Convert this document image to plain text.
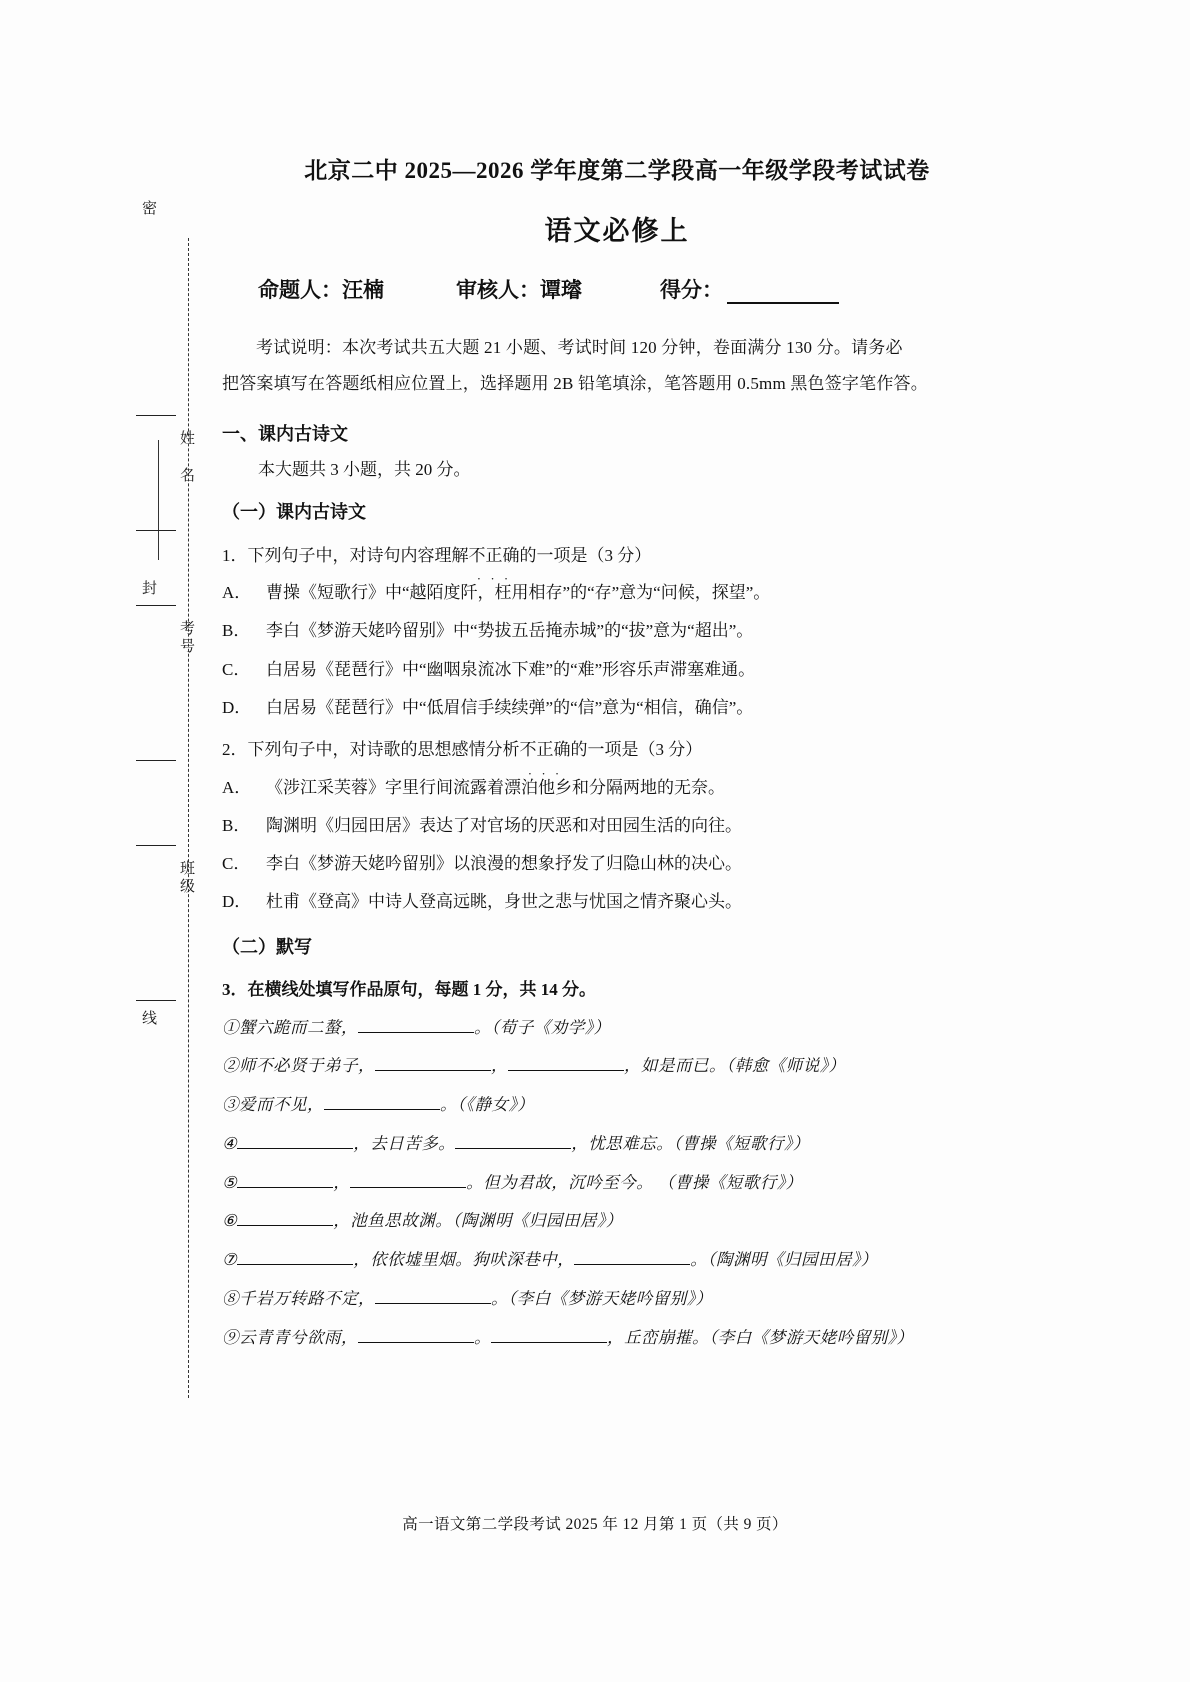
密
封
线
姓 名
考号
班级
北京二中 2025—2026 学年度第二学段高一年级学段考试试卷
语文必修上
命题人：汪楠	审核人：谭璿	得分：
考试说明：本次考试共五大题 21 小题、考试时间 120 分钟，卷面满分 130 分。请务必
把答案填写在答题纸相应位置上，选择题用 2B 铅笔填涂，笔答题用 0.5mm 黑色签字笔作答。
一、课内古诗文
本大题共 3 小题，共 20 分。
（一）课内古诗文
1．下列句子中，对诗句内容理解不正确 · · ·的一项是（3 分）
A． 曹操《短歌行》中“越陌度阡，枉用相存”的“存”意为“问候，探望”。
B． 李白《梦游天姥吟留别》中“势拔五岳掩赤城”的“拔”意为“超出”。
C． 白居易《琵琶行》中“幽咽泉流冰下难”的“难”形容乐声滞塞难通。
D． 白居易《琵琶行》中“低眉信手续续弹”的“信”意为“相信，确信”。
2．下列句子中，对诗歌的思想感情分析不正确 · · ·的一项是（3 分）
A． 《涉江采芙蓉》字里行间流露着漂泊他乡和分隔两地的无奈。
B． 陶渊明《归园田居》表达了对官场的厌恶和对田园生活的向往。
C． 李白《梦游天姥吟留别》以浪漫的想象抒发了归隐山林的决心。
D． 杜甫《登高》中诗人登高远眺，身世之悲与忧国之情齐聚心头。
（二）默写
3．在横线处填写作品原句，每题 1 分，共 14 分。
①蟹六跪而二螯，	。（荀子《劝学》）
②师不必贤于弟子，	，	，如是而已。（韩愈《师说》）
③爱而不见，	。（《静女》）
④	，去日苦多。	，忧思难忘。（曹操《短歌行》）
⑤	，	。但为君故，沉吟至今。 （曹操《短歌行》）
⑥	，池鱼思故渊。（陶渊明《归园田居》）
⑦	，依依墟里烟。狗吠深巷中，	。（陶渊明《归园田居》）
⑧千岩万转路不定，	。（李白《梦游天姥吟留别》）
⑨云青青兮欲雨，	。	，丘峦崩摧。（李白《梦游天姥吟留别》）
高一语文第二学段考试 2025 年 12 月第 1 页（共 9 页）
